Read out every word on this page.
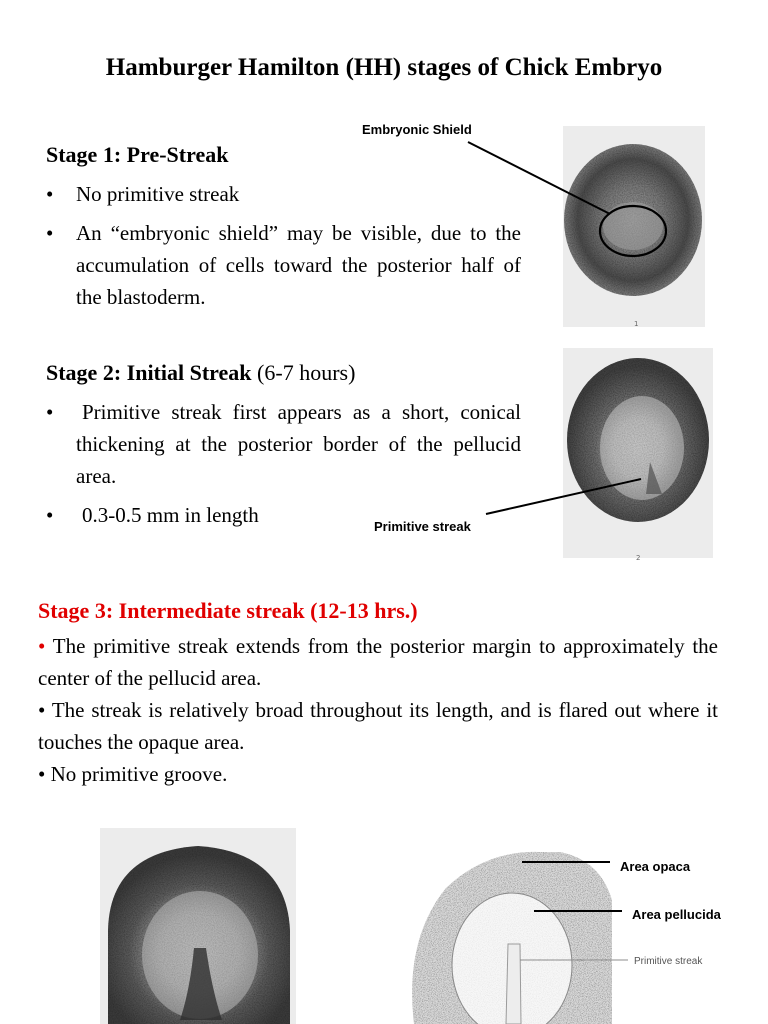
Hamburger Hamilton (HH) stages of Chick Embryo
Stage 1: Pre-Streak
• No primitive streak
• An “embryonic shield” may be visible, due to the accumulation of cells toward the posterior half of the blastoderm.
Stage 2: Initial Streak (6-7 hours)
• Primitive streak first appears as a short, conical thickening at the posterior border of the pellucid area.
• 0.3-0.5 mm in length
Stage 3: Intermediate streak (12-13 hrs.)
• The primitive streak extends from the posterior margin to approximately the center of the pellucid area.
• The streak is relatively broad throughout its length, and is flared out where it touches the opaque area.
• No primitive groove.
1
Embryonic Shield
2
Primitive streak
Area opaca
Area pellucida
Primitive streak
